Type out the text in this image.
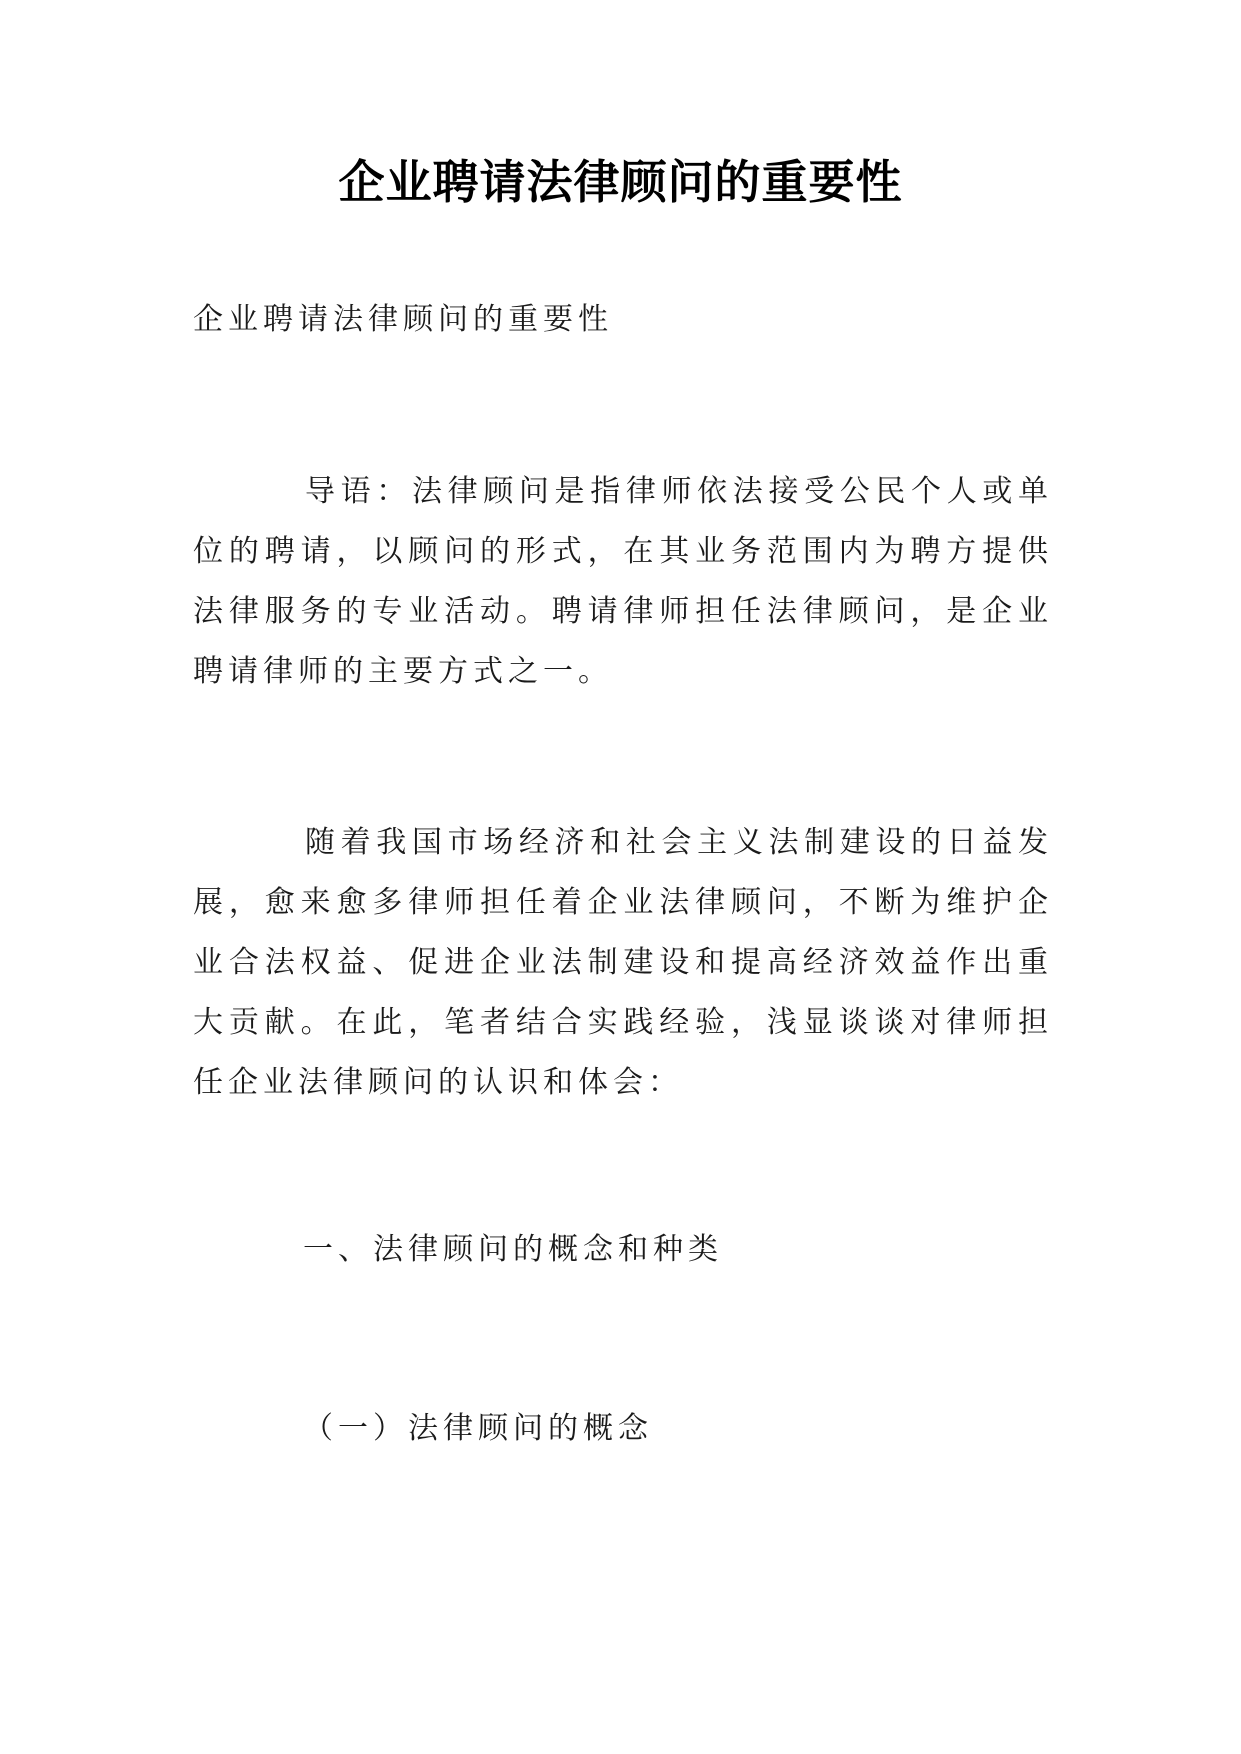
企业聘请法律顾问的重要性

企业聘请法律顾问的重要性

导语：法律顾问是指律师依法接受公民个人或单位的聘请，以顾问的形式，在其业务范围内为聘方提供法律服务的专业活动。聘请律师担任法律顾问，是企业聘请律师的主要方式之一。

随着我国市场经济和社会主义法制建设的日益发展，愈来愈多律师担任着企业法律顾问，不断为维护企业合法权益、促进企业法制建设和提高经济效益作出重大贡献。在此，笔者结合实践经验，浅显谈谈对律师担任企业法律顾问的认识和体会：

一、法律顾问的概念和种类

（一）法律顾问的概念
